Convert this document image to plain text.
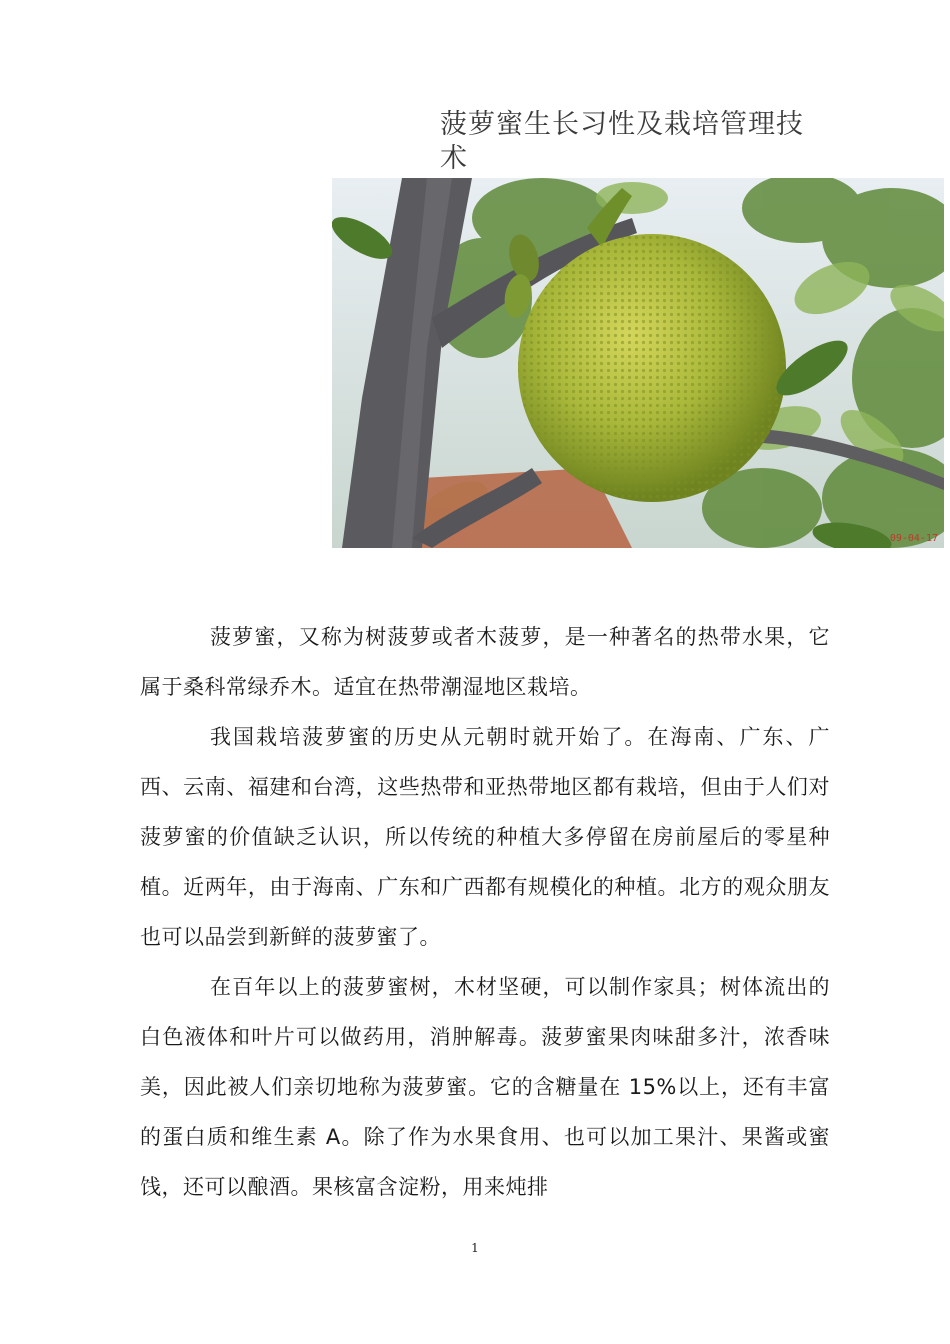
菠萝蜜生长习性及栽培管理技术
09-04-17

菠萝蜜，又称为树菠萝或者木菠萝，是一种著名的热带水果，它属于桑科常绿乔木。适宜在热带潮湿地区栽培。

我国栽培菠萝蜜的历史从元朝时就开始了。在海南、广东、广西、云南、福建和台湾，这些热带和亚热带地区都有栽培，但由于人们对菠萝蜜的价值缺乏认识，所以传统的种植大多停留在房前屋后的零星种植。近两年，由于海南、广东和广西都有规模化的种植。北方的观众朋友也可以品尝到新鲜的菠萝蜜了。

在百年以上的菠萝蜜树，木材坚硬，可以制作家具；树体流出的白色液体和叶片可以做药用，消肿解毒。菠萝蜜果肉味甜多汁，浓香味美，因此被人们亲切地称为菠萝蜜。它的含糖量在 15%以上，还有丰富的蛋白质和维生素 A。除了作为水果食用、也可以加工果汁、果酱或蜜饯，还可以酿酒。果核富含淀粉，用来炖排

1
